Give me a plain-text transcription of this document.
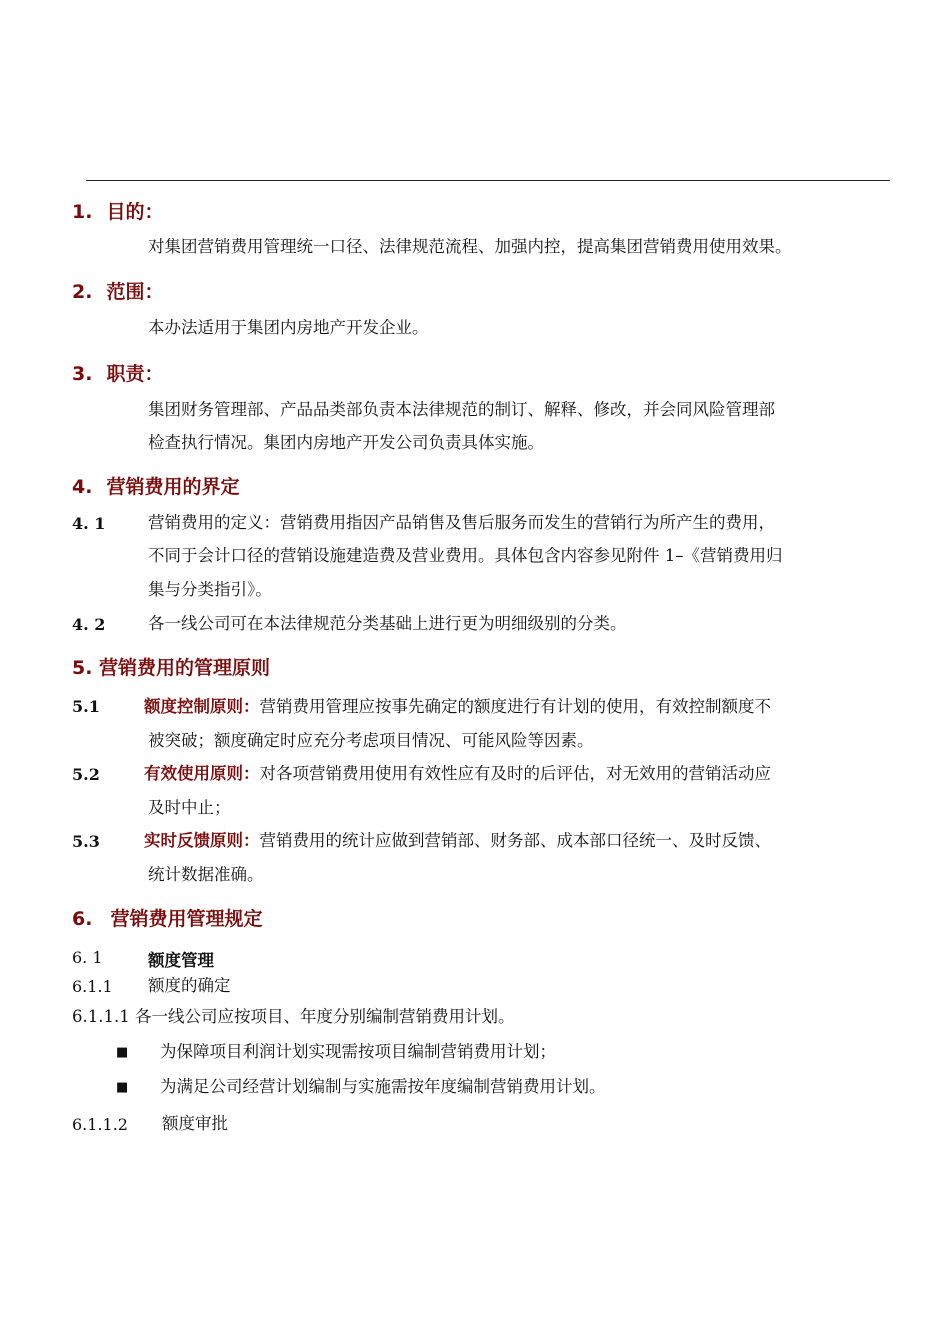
1. 目的：
对集团营销费用管理统一口径、法律规范流程、加强内控，提高集团营销费用使用效果。
2. 范围：
本办法适用于集团内房地产开发企业。
3. 职责：
集团财务管理部、产品品类部负责本法律规范的制订、解释、修改，并会同风险管理部
检查执行情况。集团内房地产开发公司负责具体实施。
4. 营销费用的界定
4. 1	营销费用的定义：营销费用指因产品销售及售后服务而发生的营销行为所产生的费用，
不同于会计口径的营销设施建造费及营业费用。具体包含内容参见附件 1–《营销费用归
集与分类指引》。
4. 2	各一线公司可在本法律规范分类基础上进行更为明细级别的分类。
5. 营销费用的管理原则
5.1	额度控制原则：营销费用管理应按事先确定的额度进行有计划的使用，有效控制额度不
被突破；额度确定时应充分考虑项目情况、可能风险等因素。
5.2	有效使用原则：对各项营销费用使用有效性应有及时的后评估，对无效用的营销活动应
及时中止；
5.3	实时反馈原则：营销费用的统计应做到营销部、财务部、成本部口径统一、及时反馈、
统计数据准确。
6. 营销费用管理规定
6. 1	额度管理
6.1.1 额度的确定
6.1.1.1 各一线公司应按项目、年度分别编制营销费用计划。
■ 为保障项目利润计划实现需按项目编制营销费用计划；
■ 为满足公司经营计划编制与实施需按年度编制营销费用计划。
6.1.1.2 额度审批
